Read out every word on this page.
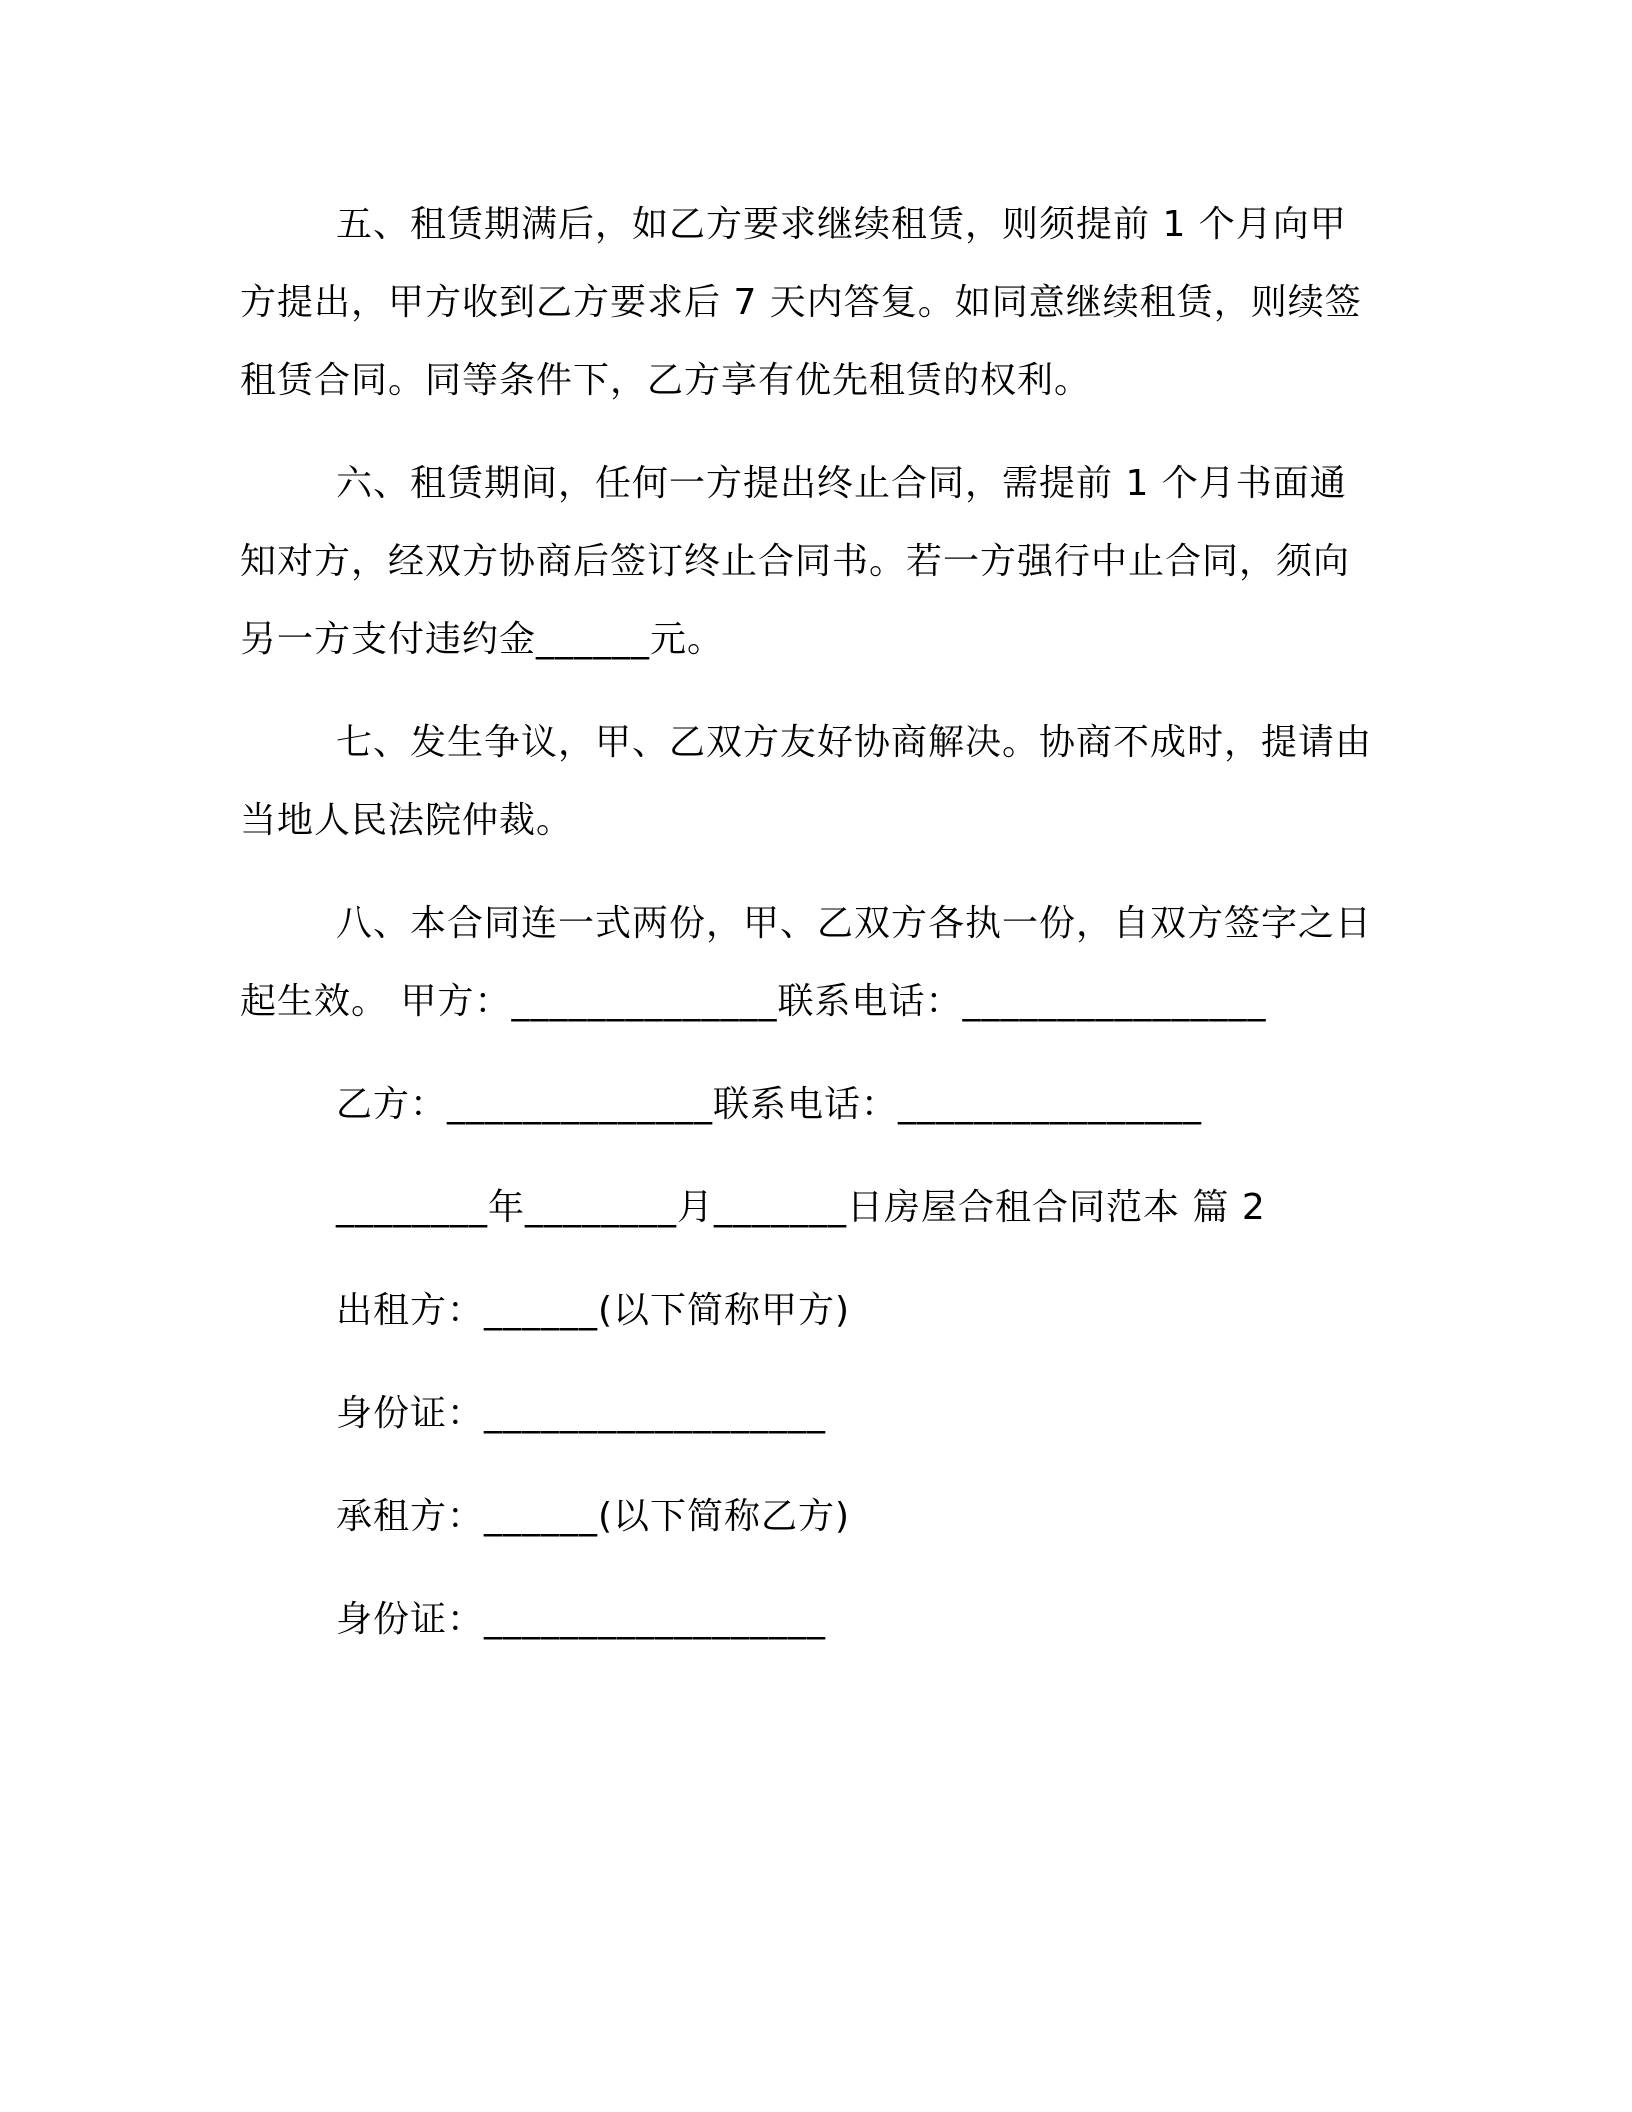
五、租赁期满后，如乙方要求继续租赁，则须提前 1 个月向甲方提出，甲方收到乙方要求后 7 天内答复。如同意继续租赁，则续签租赁合同。同等条件下，乙方享有优先租赁的权利。

六、租赁期间，任何一方提出终止合同，需提前 1 个月书面通知对方，经双方协商后签订终止合同书。若一方强行中止合同，须向另一方支付违约金______元。

七、发生争议，甲、乙双方友好协商解决。协商不成时，提请由当地人民法院仲裁。

八、本合同连一式两份，甲、乙双方各执一份，自双方签字之日起生效。 甲方：______________联系电话：________________

乙方：______________联系电话：________________
________年________月_______日房屋合租合同范本 篇 2
出租方：______(以下简称甲方)
身份证：__________________
承租方：______(以下简称乙方)
身份证：__________________
